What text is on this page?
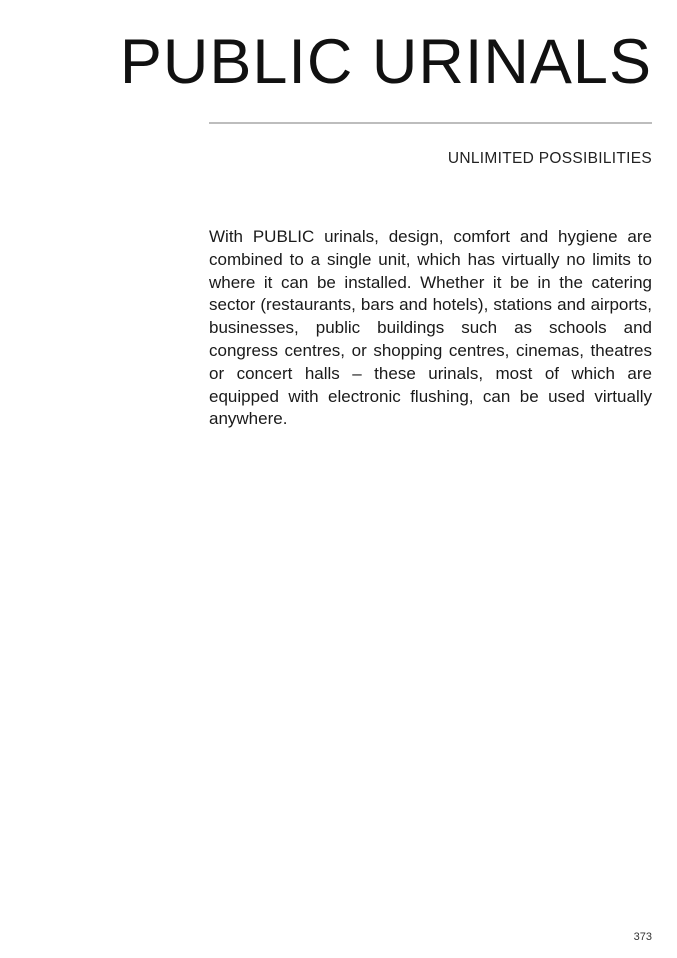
PUBLIC URINALS
UNLIMITED POSSIBILITIES

With PUBLIC urinals, design, comfort and hygiene are combined to a single unit, which has virtually no limits to where it can be installed. Whether it be in the catering sector (restaurants, bars and hotels), stations and airports, businesses, public buildings such as schools and congress centres, or shopping centres, cinemas, theatres or concert halls – these urinals, most of which are equipped with electronic flushing, can be used virtually anywhere.

373
